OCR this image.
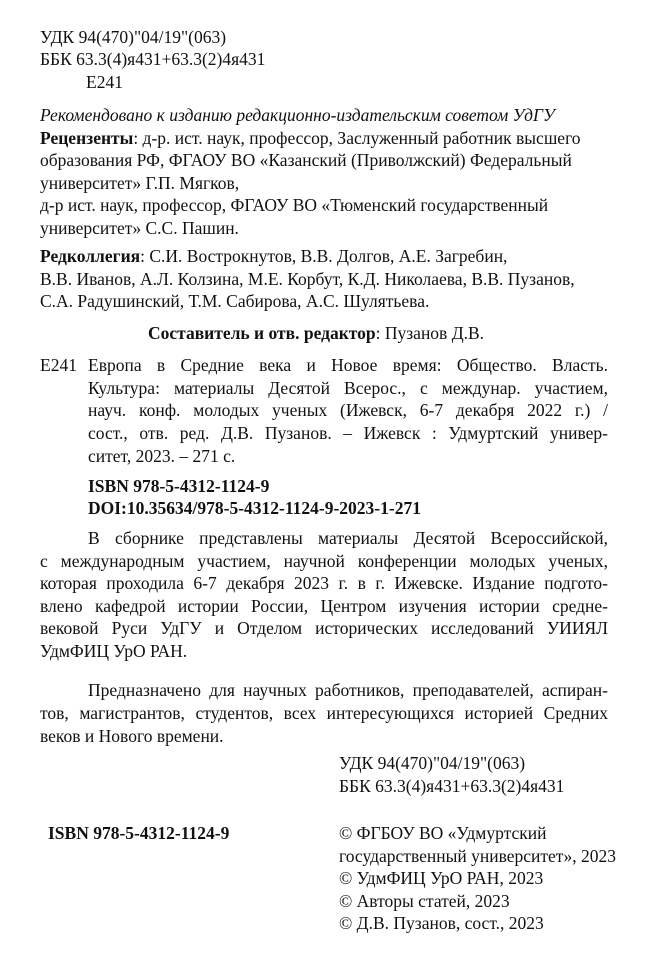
УДК 94(470)"04/19"(063)
ББК 63.3(4)я431+63.3(2)4я431
Е241
Рекомендовано к изданию редакционно-издательским советом УдГУ
Рецензенты: д-р. ист. наук, профессор, Заслуженный работник высшего
образования РФ, ФГАОУ ВО «Казанский (Приволжский) Федеральный
университет» Г.П. Мягков,
д-р ист. наук, профессор, ФГАОУ ВО «Тюменский государственный
университет» С.С. Пашин.
Редколлегия: С.И. Вострокнутов, В.В. Долгов, А.Е. Загребин,
В.В. Иванов, А.Л. Колзина, М.Е. Корбут, К.Д. Николаева, В.В. Пузанов,
С.А. Радушинский, Т.М. Сабирова, А.С. Шулятьева.
Составитель и отв. редактор: Пузанов Д.В.
Е241 Европа в Средние века и Новое время: Общество. Власть.
Культура: материалы Десятой Всерос., с междунар. участием,
науч. конф. молодых ученых (Ижевск, 6-7 декабря 2022 г.) /
сост., отв. ред. Д.В. Пузанов. – Ижевск : Удмуртский универ-
ситет, 2023. – 271 с.
ISBN 978-5-4312-1124-9
DOI:10.35634/978-5-4312-1124-9-2023-1-271
В сборнике представлены материалы Десятой Всероссийской,
с международным участием, научной конференции молодых ученых,
которая проходила 6-7 декабря 2023 г. в г. Ижевске. Издание подгото-
влено кафедрой истории России, Центром изучения истории средне-
вековой Руси УдГУ и Отделом исторических исследований УИИЯЛ
УдмФИЦ УрО РАН.
Предназначено для научных работников, преподавателей, аспиран-
тов, магистрантов, студентов, всех интересующихся историей Средних
веков и Нового времени.
УДК 94(470)"04/19"(063)
ББК 63.3(4)я431+63.3(2)4я431
ISBN 978-5-4312-1124-9	© ФГБОУ ВО «Удмуртский
государственный университет», 2023
© УдмФИЦ УрО РАН, 2023
© Авторы статей, 2023
© Д.В. Пузанов, сост., 2023
